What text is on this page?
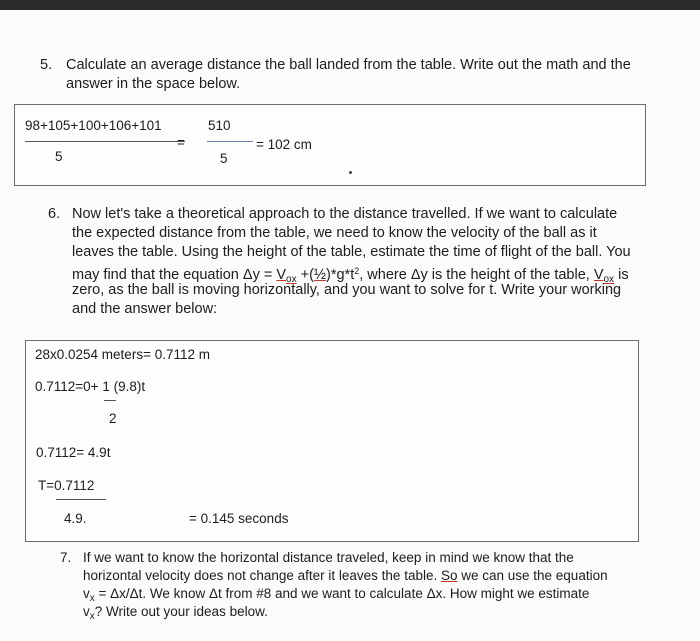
5. Calculate an average distance the ball landed from the table. Write out the math and the
answer in the space below.
98+105+100+106+101
5
=
510
5
= 102 cm
6. Now let's take a theoretical approach to the distance travelled. If we want to calculate
the expected distance from the table, we need to know the velocity of the ball as it
leaves the table. Using the height of the table, estimate the time of flight of the ball. You
may find that the equation $\Delta y = V_{ox}$ $+(\frac{1}{2})*g*t^2$, where Δy is the height of the table, $V_{ox}$ is
zero, as the ball is moving horizontally, and you want to solve for t. Write your working
and the answer below:
28x0.0254 meters= 0.7112 m
0.7112=0+ 1 (9.8)t
2
0.7112= 4.9t
T=0.7112
4.9.	= 0.145 seconds
7. If we want to know the horizontal distance traveled, keep in mind we know that the
horizontal velocity does not change after it leaves the table. So we can use the equation
$v_x = \Delta x/\Delta t$. We know Δt from #8 and we want to calculate Δx. How might we estimate
$v_x$? Write out your ideas below.
